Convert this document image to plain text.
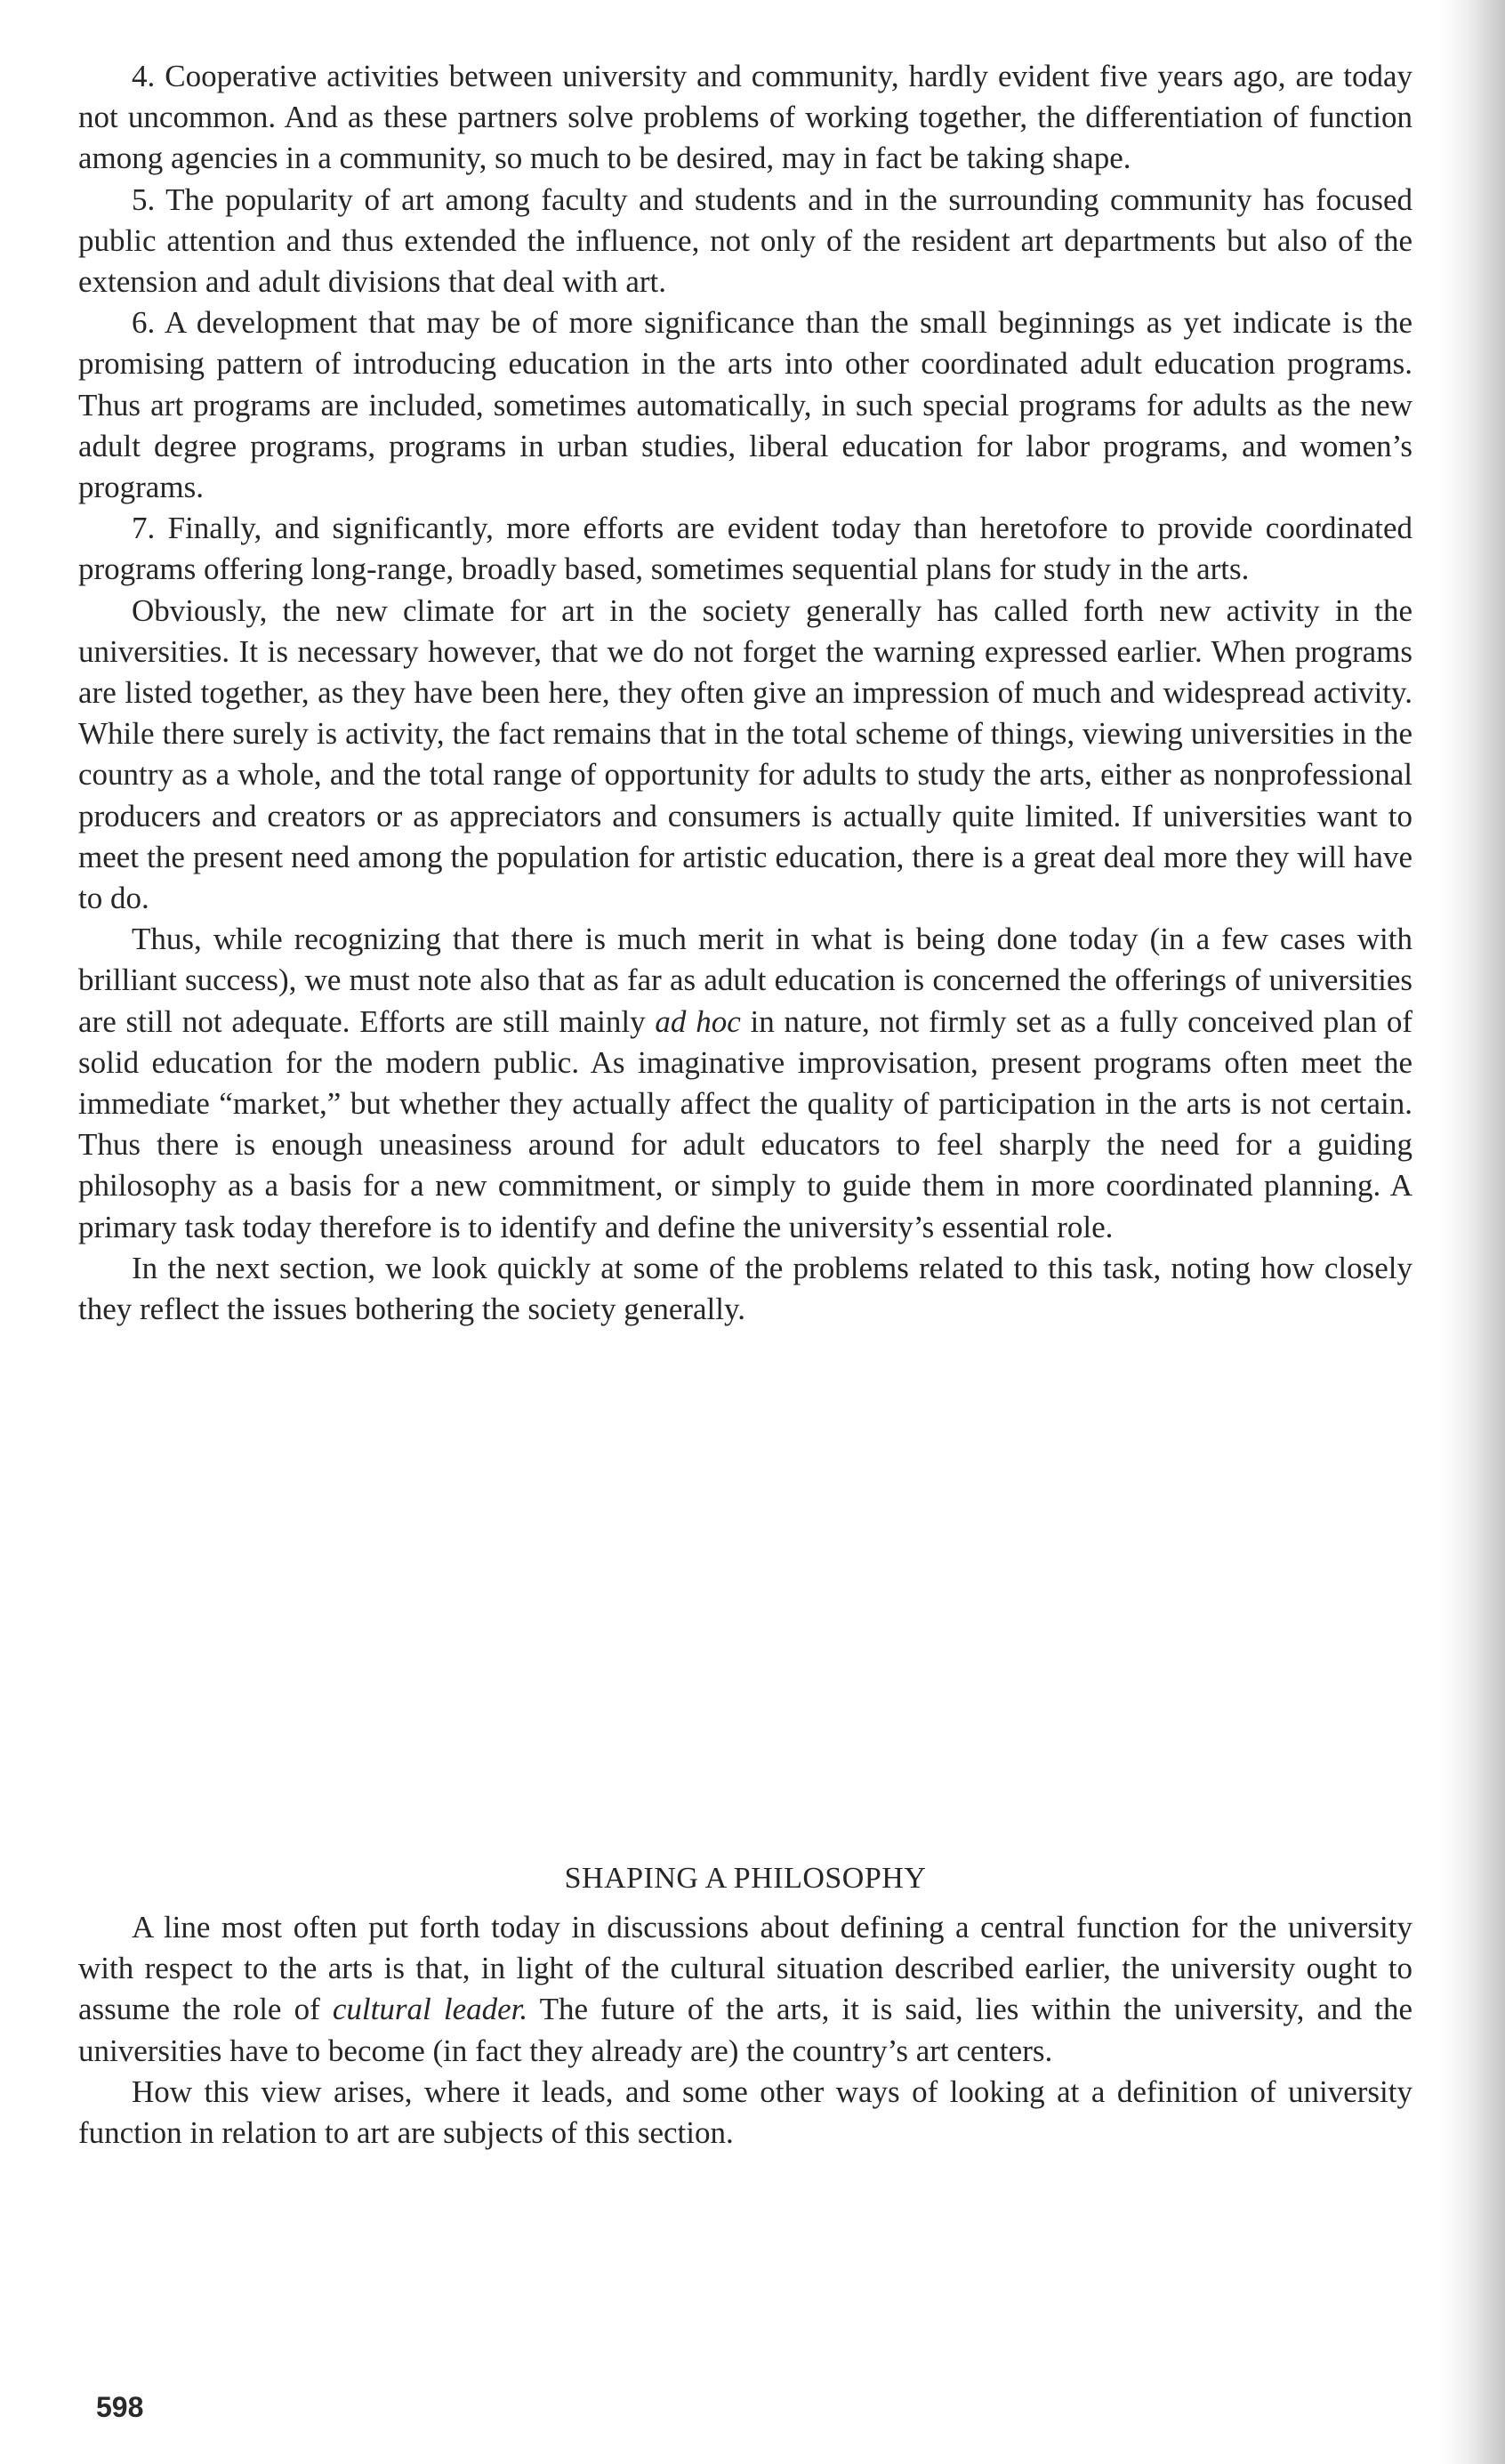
4. Cooperative activities between university and community, hardly evident five years ago, are today not uncommon. And as these partners solve problems of working together, the differentiation of function among agencies in a community, so much to be desired, may in fact be taking shape.

5. The popularity of art among faculty and students and in the surrounding community has focused public attention and thus extended the influence, not only of the resident art departments but also of the extension and adult divisions that deal with art.

6. A development that may be of more significance than the small beginnings as yet indicate is the promising pattern of introducing education in the arts into other coordinated adult education programs. Thus art programs are included, sometimes automatically, in such special programs for adults as the new adult degree programs, programs in urban studies, liberal education for labor programs, and women’s programs.

7. Finally, and significantly, more efforts are evident today than heretofore to provide coordinated programs offering long-range, broadly based, sometimes sequential plans for study in the arts.

Obviously, the new climate for art in the society generally has called forth new activity in the universities. It is necessary however, that we do not forget the warning expressed earlier. When programs are listed together, as they have been here, they often give an impression of much and widespread activity. While there surely is activity, the fact remains that in the total scheme of things, viewing universities in the country as a whole, and the total range of opportunity for adults to study the arts, either as nonprofessional producers and creators or as appreciators and consumers is actually quite limited. If universities want to meet the present need among the population for artistic education, there is a great deal more they will have to do.

Thus, while recognizing that there is much merit in what is being done today (in a few cases with brilliant success), we must note also that as far as adult education is concerned the offerings of universities are still not adequate. Efforts are still mainly ad hoc in nature, not firmly set as a fully conceived plan of solid education for the modern public. As imaginative improvisation, present programs often meet the immediate “market,” but whether they actually affect the quality of participation in the arts is not certain. Thus there is enough uneasiness around for adult educators to feel sharply the need for a guiding philosophy as a basis for a new commitment, or simply to guide them in more coordinated planning. A primary task today therefore is to identify and define the university’s essential role.

In the next section, we look quickly at some of the problems related to this task, noting how closely they reflect the issues bothering the society generally.

SHAPING A PHILOSOPHY

A line most often put forth today in discussions about defining a central function for the university with respect to the arts is that, in light of the cultural situation described earlier, the university ought to assume the role of cultural leader. The future of the arts, it is said, lies within the university, and the universities have to become (in fact they already are) the country’s art centers.

How this view arises, where it leads, and some other ways of looking at a definition of university function in relation to art are subjects of this section.

598
